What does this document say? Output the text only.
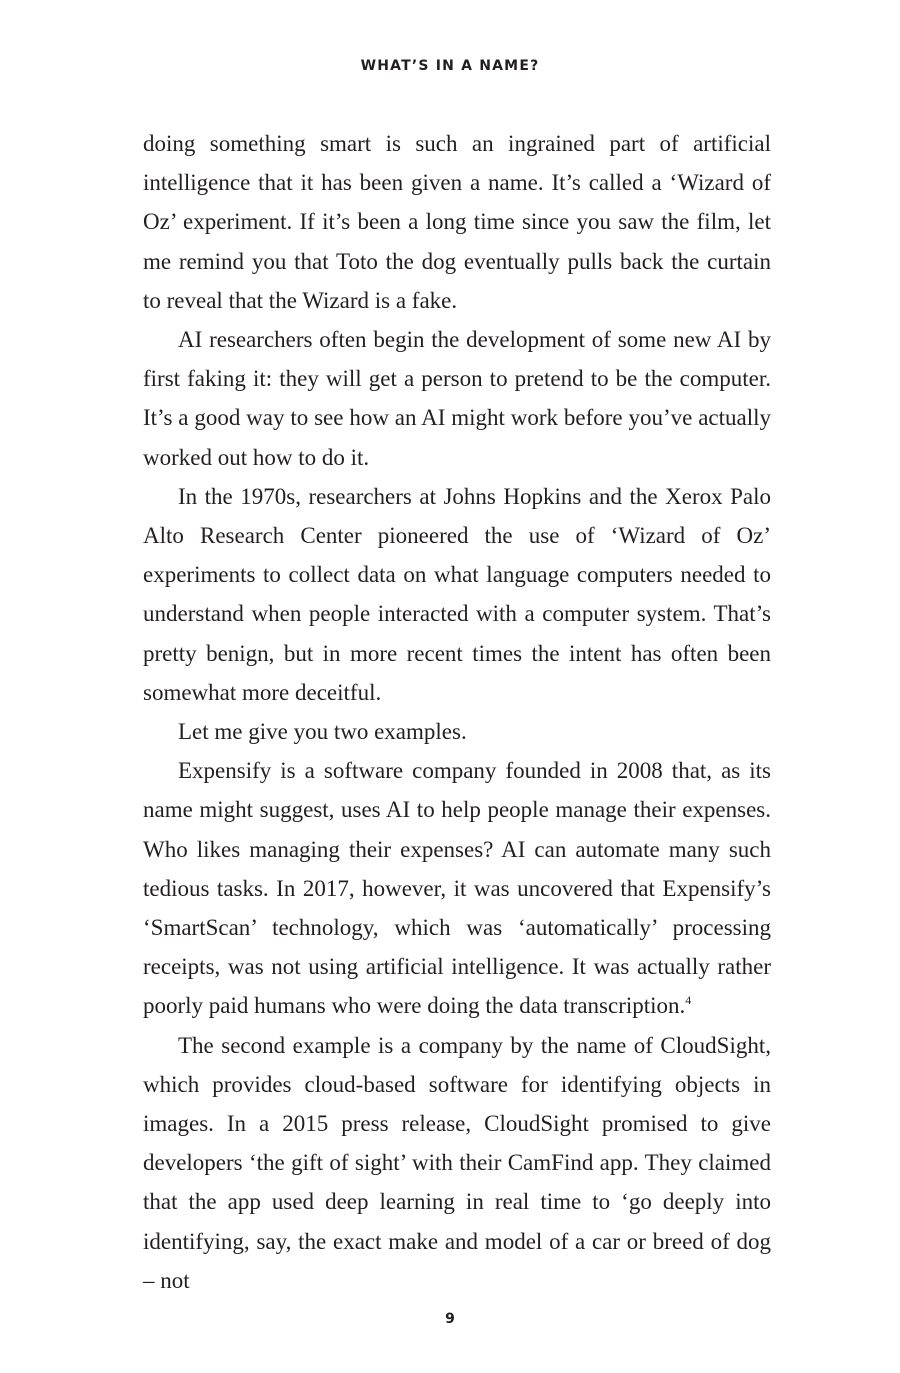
WHAT’S IN A NAME?

doing something smart is such an ingrained part of artificial intelligence that it has been given a name. It’s called a ‘Wizard of Oz’ experiment. If it’s been a long time since you saw the film, let me remind you that Toto the dog eventually pulls back the curtain to reveal that the Wizard is a fake.

AI researchers often begin the development of some new AI by first faking it: they will get a person to pretend to be the computer. It’s a good way to see how an AI might work before you’ve actually worked out how to do it.

In the 1970s, researchers at Johns Hopkins and the Xerox Palo Alto Research Center pioneered the use of ‘Wizard of Oz’ experiments to collect data on what language computers needed to understand when people interacted with a computer system. That’s pretty benign, but in more recent times the intent has often been somewhat more deceitful.

Let me give you two examples.

Expensify is a software company founded in 2008 that, as its name might suggest, uses AI to help people manage their expenses. Who likes managing their expenses? AI can automate many such tedious tasks. In 2017, however, it was uncovered that Expensify’s ‘SmartScan’ technology, which was ‘automatically’ processing receipts, was not using artificial intelligence. It was actually rather poorly paid humans who were doing the data transcription.$^4$

The second example is a company by the name of CloudSight, which provides cloud-based software for identifying objects in images. In a 2015 press release, CloudSight promised to give developers ‘the gift of sight’ with their CamFind app. They claimed that the app used deep learning in real time to ‘go deeply into identifying, say, the exact make and model of a car or breed of dog – not

9
